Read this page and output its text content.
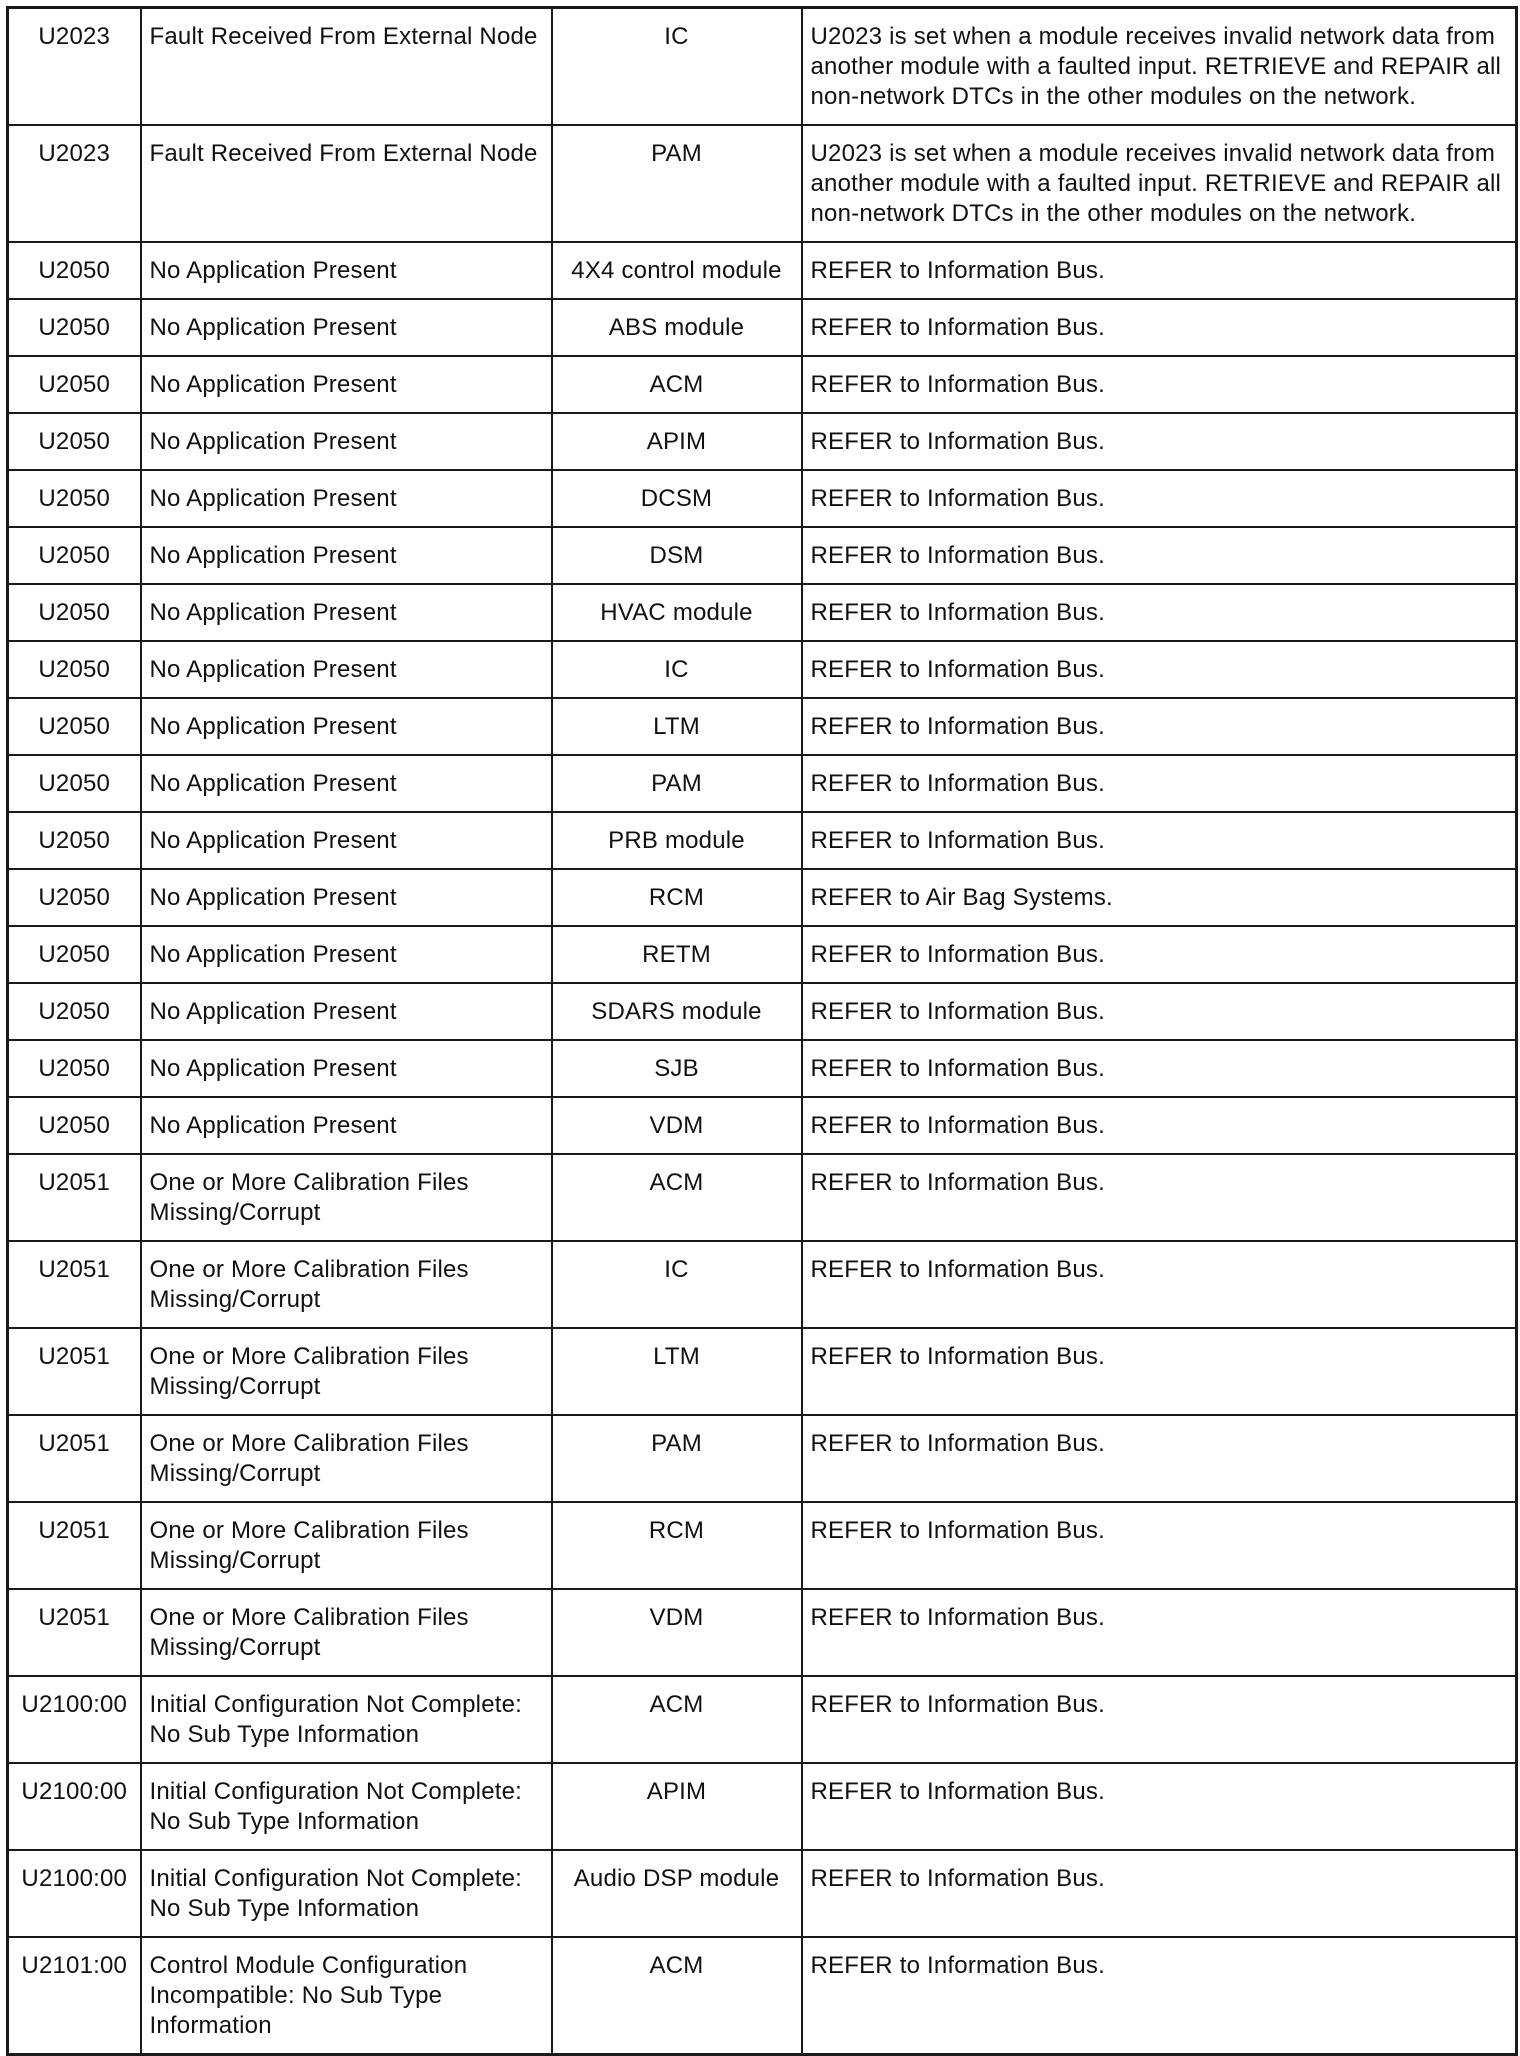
U2023	Fault Received From External Node	IC	U2023 is set when a module receives invalid network data from another module with a faulted input. RETRIEVE and REPAIR all non-network DTCs in the other modules on the network.
U2023	Fault Received From External Node	PAM	U2023 is set when a module receives invalid network data from another module with a faulted input. RETRIEVE and REPAIR all non-network DTCs in the other modules on the network.
U2050	No Application Present	4X4 control module	REFER to Information Bus.
U2050	No Application Present	ABS module	REFER to Information Bus.
U2050	No Application Present	ACM	REFER to Information Bus.
U2050	No Application Present	APIM	REFER to Information Bus.
U2050	No Application Present	DCSM	REFER to Information Bus.
U2050	No Application Present	DSM	REFER to Information Bus.
U2050	No Application Present	HVAC module	REFER to Information Bus.
U2050	No Application Present	IC	REFER to Information Bus.
U2050	No Application Present	LTM	REFER to Information Bus.
U2050	No Application Present	PAM	REFER to Information Bus.
U2050	No Application Present	PRB module	REFER to Information Bus.
U2050	No Application Present	RCM	REFER to Air Bag Systems.
U2050	No Application Present	RETM	REFER to Information Bus.
U2050	No Application Present	SDARS module	REFER to Information Bus.
U2050	No Application Present	SJB	REFER to Information Bus.
U2050	No Application Present	VDM	REFER to Information Bus.
U2051	One or More Calibration Files Missing/Corrupt	ACM	REFER to Information Bus.
U2051	One or More Calibration Files Missing/Corrupt	IC	REFER to Information Bus.
U2051	One or More Calibration Files Missing/Corrupt	LTM	REFER to Information Bus.
U2051	One or More Calibration Files Missing/Corrupt	PAM	REFER to Information Bus.
U2051	One or More Calibration Files Missing/Corrupt	RCM	REFER to Information Bus.
U2051	One or More Calibration Files Missing/Corrupt	VDM	REFER to Information Bus.
U2100:00	Initial Configuration Not Complete: No Sub Type Information	ACM	REFER to Information Bus.
U2100:00	Initial Configuration Not Complete: No Sub Type Information	APIM	REFER to Information Bus.
U2100:00	Initial Configuration Not Complete: No Sub Type Information	Audio DSP module	REFER to Information Bus.
U2101:00	Control Module Configuration Incompatible: No Sub Type Information	ACM	REFER to Information Bus.
